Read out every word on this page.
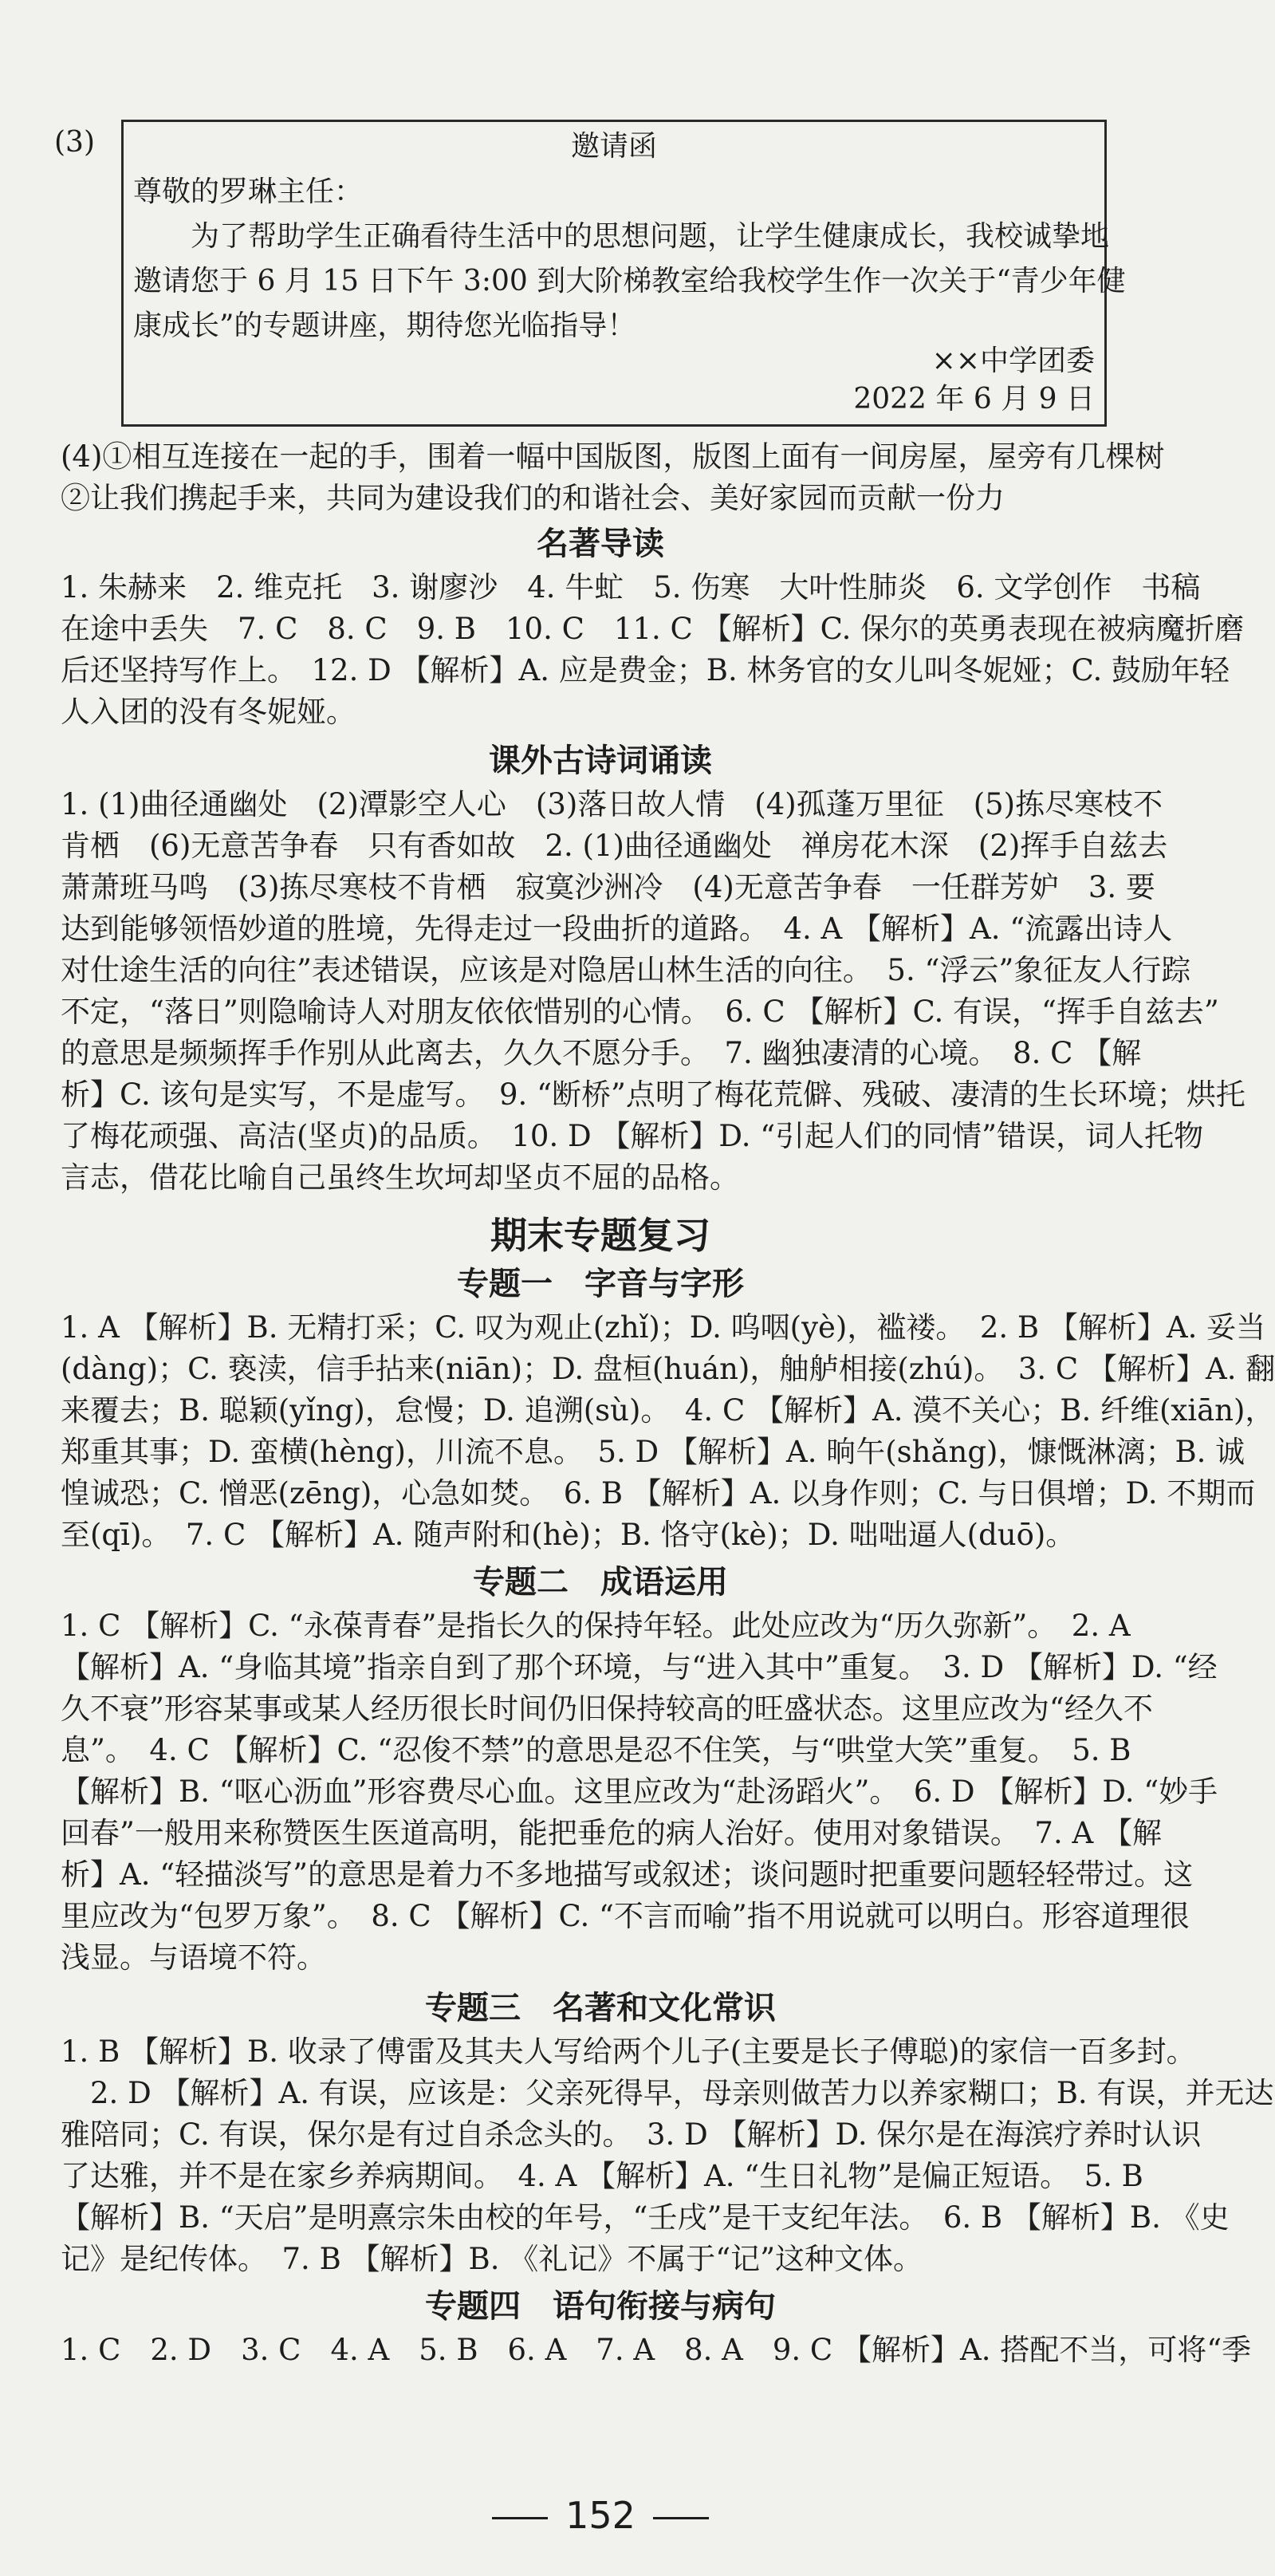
(3)	邀请函
尊敬的罗琳主任：
　　为了帮助学生正确看待生活中的思想问题，让学生健康成长，我校诚挚地
邀请您于 6 月 15 日下午 3:00 到大阶梯教室给我校学生作一次关于“青少年健
康成长”的专题讲座，期待您光临指导！
××中学团委
2022 年 6 月 9 日
(4)①相互连接在一起的手，围着一幅中国版图，版图上面有一间房屋，屋旁有几棵树
②让我们携起手来，共同为建设我们的和谐社会、美好家园而贡献一份力
名著导读
1. 朱赫来　2. 维克托　3. 谢廖沙　4. 牛虻　5. 伤寒　大叶性肺炎　6. 文学创作　书稿
在途中丢失　7. C　8. C　9. B　10. C　11. C 【解析】C. 保尔的英勇表现在被病魔折磨
后还坚持写作上。　12. D 【解析】A. 应是费金；B. 林务官的女儿叫冬妮娅；C. 鼓励年轻
人入团的没有冬妮娅。
课外古诗词诵读
1. (1)曲径通幽处　(2)潭影空人心　(3)落日故人情　(4)孤蓬万里征　(5)拣尽寒枝不
肯栖　(6)无意苦争春　只有香如故　2. (1)曲径通幽处　禅房花木深　(2)挥手自兹去
萧萧班马鸣　(3)拣尽寒枝不肯栖　寂寞沙洲冷　(4)无意苦争春　一任群芳妒　3. 要
达到能够领悟妙道的胜境，先得走过一段曲折的道路。　4. A 【解析】A. “流露出诗人
对仕途生活的向往”表述错误，应该是对隐居山林生活的向往。　5. “浮云”象征友人行踪
不定，“落日”则隐喻诗人对朋友依依惜别的心情。　6. C 【解析】C. 有误，“挥手自兹去”
的意思是频频挥手作别从此离去，久久不愿分手。　7. 幽独凄清的心境。　8. C 【解
析】C. 该句是实写，不是虚写。　9. “断桥”点明了梅花荒僻、残破、凄清的生长环境；烘托
了梅花顽强、高洁(坚贞)的品质。　10. D 【解析】D. “引起人们的同情”错误，词人托物
言志，借花比喻自己虽终生坎坷却坚贞不屈的品格。
期末专题复习
专题一　字音与字形
1. A 【解析】B. 无精打采；C. 叹为观止(zhǐ)；D. 呜咽(yè)，褴褛。　2. B 【解析】A. 妥当
(dàng)；C. 亵渎，信手拈来(niān)；D. 盘桓(huán)，舳舻相接(zhú)。　3. C 【解析】A. 翻
来覆去；B. 聪颖(yǐng)，怠慢；D. 追溯(sù)。　4. C 【解析】A. 漠不关心；B. 纤维(xiān)，
郑重其事；D. 蛮横(hèng)，川流不息。　5. D 【解析】A. 晌午(shǎng)，慷慨淋漓；B. 诚
惶诚恐；C. 憎恶(zēng)，心急如焚。　6. B 【解析】A. 以身作则；C. 与日俱增；D. 不期而
至(qī)。　7. C 【解析】A. 随声附和(hè)；B. 恪守(kè)；D. 咄咄逼人(duō)。
专题二　成语运用
1. C 【解析】C. “永葆青春”是指长久的保持年轻。此处应改为“历久弥新”。　2. A
【解析】A. “身临其境”指亲自到了那个环境，与“进入其中”重复。　3. D 【解析】D. “经
久不衰”形容某事或某人经历很长时间仍旧保持较高的旺盛状态。这里应改为“经久不
息”。　4. C 【解析】C. “忍俊不禁”的意思是忍不住笑，与“哄堂大笑”重复。　5. B
【解析】B. “呕心沥血”形容费尽心血。这里应改为“赴汤蹈火”。　6. D 【解析】D. “妙手
回春”一般用来称赞医生医道高明，能把垂危的病人治好。使用对象错误。　7. A 【解
析】A. “轻描淡写”的意思是着力不多地描写或叙述；谈问题时把重要问题轻轻带过。这
里应改为“包罗万象”。　8. C 【解析】C. “不言而喻”指不用说就可以明白。形容道理很
浅显。与语境不符。
专题三　名著和文化常识
1. B 【解析】B. 收录了傅雷及其夫人写给两个儿子(主要是长子傅聪)的家信一百多封。
　2. D 【解析】A. 有误，应该是：父亲死得早，母亲则做苦力以养家糊口；B. 有误，并无达
雅陪同；C. 有误，保尔是有过自杀念头的。　3. D 【解析】D. 保尔是在海滨疗养时认识
了达雅，并不是在家乡养病期间。　4. A 【解析】A. “生日礼物”是偏正短语。　5. B
【解析】B. “天启”是明熹宗朱由校的年号，“壬戌”是干支纪年法。　6. B 【解析】B. 《史
记》是纪传体。　7. B 【解析】B. 《礼记》不属于“记”这种文体。
专题四　语句衔接与病句
1. C　2. D　3. C　4. A　5. B　6. A　7. A　8. A　9. C 【解析】A. 搭配不当，可将“季
152
